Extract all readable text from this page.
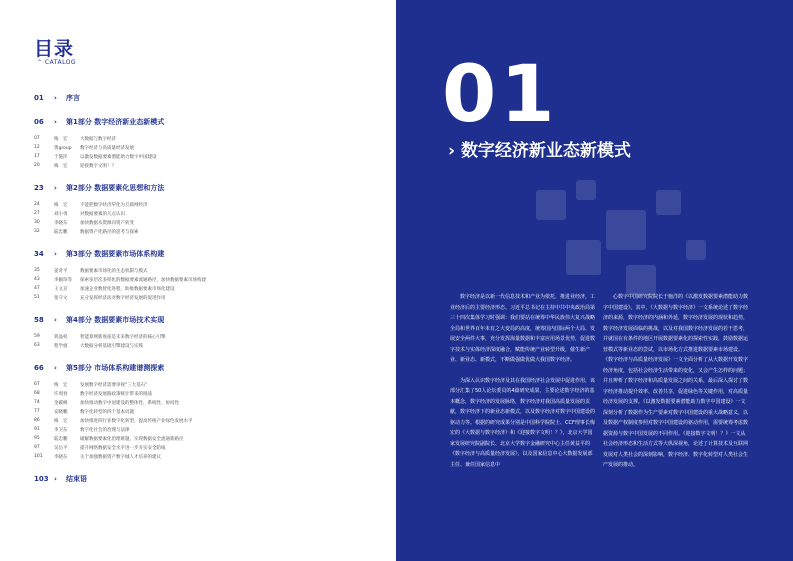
目录
⌃ CATALOG
01	›	序言
06	›	第1部分 数字经济新业态新模式
07	梅　宏	大数据与数字经济
12	黄group	数字经济与高质量经济发展
17	于施洋	以激发数据要素潜能助力数字中国建设
20	梅　宏	迎接数字文明！？
23	›	第2部分 数据要素化思想和方法
24	梅　宏	不能把数字经济窄化为互联网经济
27	刘小勇	对数据要素的几点认识
30	李晓东	加快数据从资源向资产转变
32	陆忠鹏	数据资产化路径的思考与探索
34	›	第3部分 数据要素市场体系构建
35	姜奇平	数据要素市场化的生态机制与模式
43	李颖珍等	探索多层次多样化的数据要素流通路径，加快数据要素市场构建
47	王文京	加速企业数智化进程，助推数据要素市场化建设
51	张守文	充分发挥经济法对数字经济发展的促进作用
58	›	第4部分 数据要素市场技术实现
59	蒋晶权	智能算网新底座是未来数字经济的核心引擎
63	程学旗	大数据分析基础引擎建设与实践
66	›	第5部分 市场体系构建谱测探索
67	梅　宏	发展数字经济需要审视"三大基石"
68	许周春	数字经济发展路政策统计带来的挑战
74	金碳峰	加快推动数字中国建设的整体性、系统性、协同性
77	安晓鹏	数字化转型的四个基本问题
86	梅　宏	加快推进四行业数字化转型，提高传统产业绿色发展水平
91	李卫东	数字化社会的治理与法律
95	陆忠鹏	破解数据要素化治理难题，实现数据安全流通新路径
97	吴岳平	提升网络数据安全水平进一步夯实安全防线
101	李晓东	关于加强数据资产数字城人才培养的建议
103 ›	结束语
01
› 数字经济新业态新模式

数字经济是以新一代信息技术和产业为依托，推进业经济，工业经济后的主要经济形态。习近平总书记在主持中共中央政治局第三十四次集体学习时强调：我们要站在统筹中华民族伟大复兴战略全局和世界百年未有之大变局的高度，统筹国内国际两个大局、发展安全两件大事，充分发挥海量数据和丰富应用场景优势，促进数字技术与实体经济深度融合，赋能传统产业转型升级，催生新产业、新业态、新模式，不断做强做优做大我国数字经济。

为深入认识数字经济及其在我国经济社会发展中促进作用，该部分汇集了50人论坛委员的4篇研究成果，主要论述数字经济的基本概念，数字经济的发展脉络，数字经济对我国高质量发展的贡献，数字经济下的新业态新模式，以及数字经济对数字中国建设的驱动力等。根据的研究成果分别是中国科学院院士、CCF理事长梅宏的《大数据与数字经济》和《迎接数字文明！？》，北京大学国家发展研究院副院长、北京大学数字金融研究中心主任黄益平的《数字经济与高质量经济发展》，以及国家信息中心大数据发展部主任、兼任国家信息中

心数字中国研究院院长于施洋的《以激发数据要素潜能助力数字中国建设》。其中，《大数据与数字经济》一文系统论述了数字经济的来源，数字经济的内涵和外延，数字经济发展的现状和趋势，数字经济发展面临的挑战，以及对我国数字经济发展的若干思考，并就国在有条件的地区开展数据要素化的探索性实践，鼓励数据运营模式等新业态的尝试，以市场化方式推进数据要素市场建设。《数字经济与高质量经济发展》一文全面分析了从大数据开发数字经济角度，包括社会经济生活带来的变化，又会产生怎样的问题；并且辨析了数字经济和高质量发展之间的关系，最后深入探讨了数字经济推动提升效率、改善共享，促进绿色等关键作用，对高质量经济发展的支撑。《以激发数据要素潜能助力数字中国建设》一文深刻分析了数据作为生产要素对数字中国建设的重大战略意义，以及数据产权制度参照对数字中国建设的驱动作用，需要统筹考虑数据资源与数字中国发展的不同作用。《迎接数字文明！？》一文从社会经济形态和生活方式等大纵深视角，论述了计算技术及互联网发展对人类社会的深刻影响，数字经济、数字化转型对人类社会生产发展的推动。
